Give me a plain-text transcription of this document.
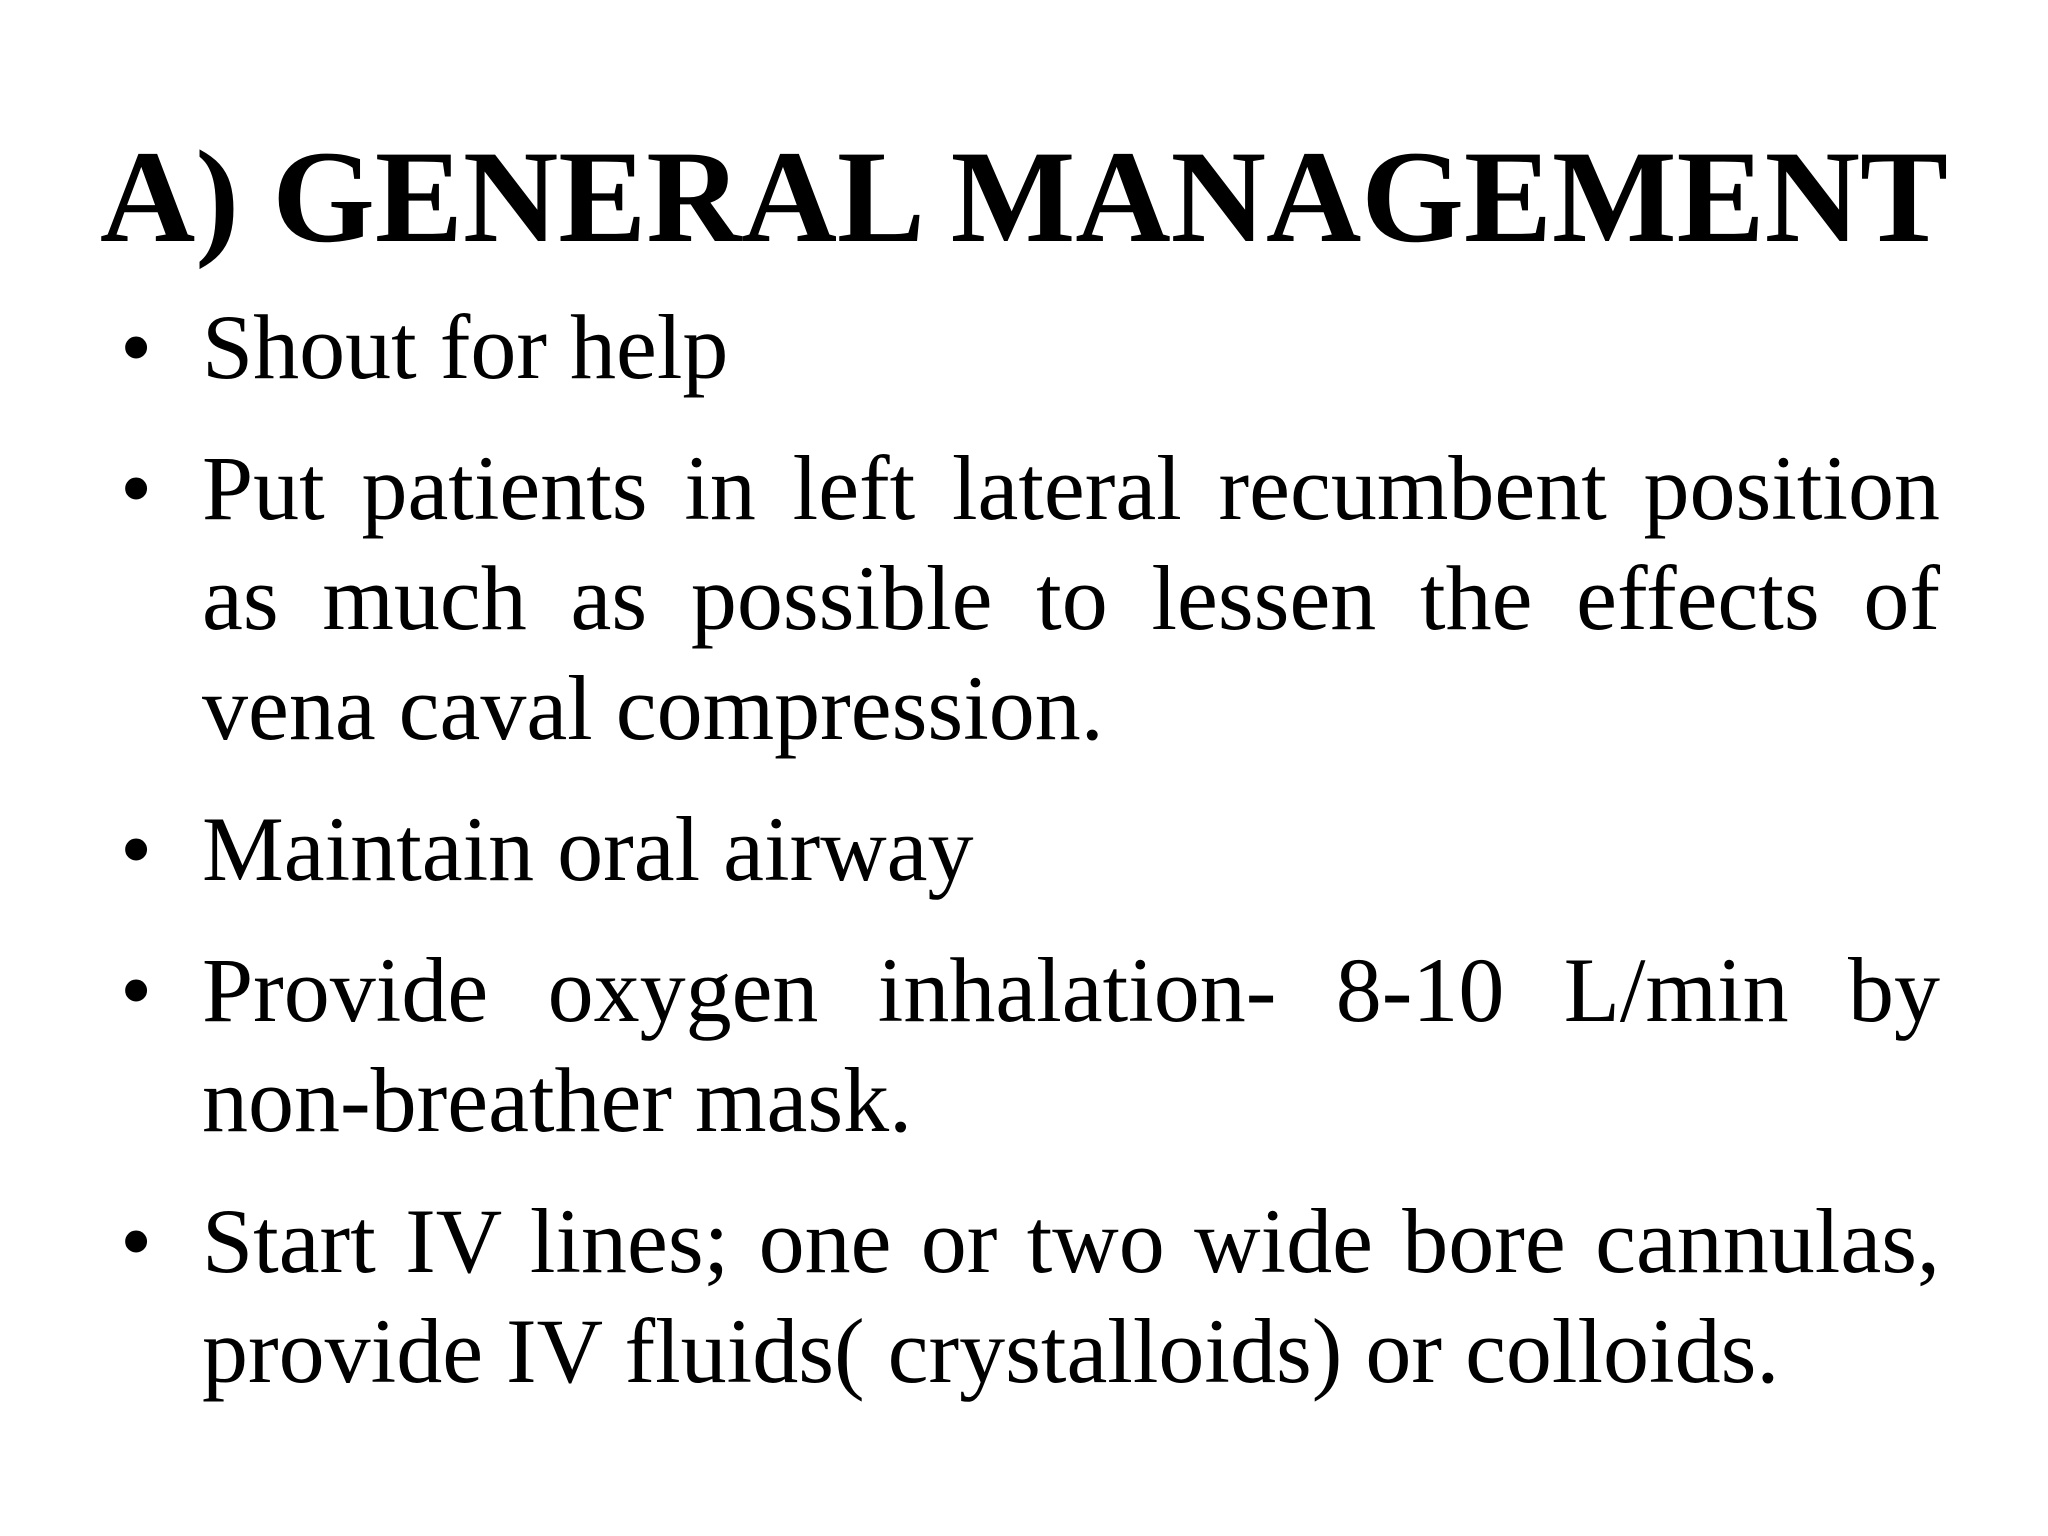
A) GENERAL MANAGEMENT
• Shout for help
• Put patients in left lateral recumbent position as much as possible to lessen the effects of vena caval compression.
• Maintain oral airway
• Provide oxygen inhalation- 8-10 L/min by non-breather mask.
• Start IV lines; one or two wide bore cannulas, provide IV fluids( crystalloids) or colloids.
